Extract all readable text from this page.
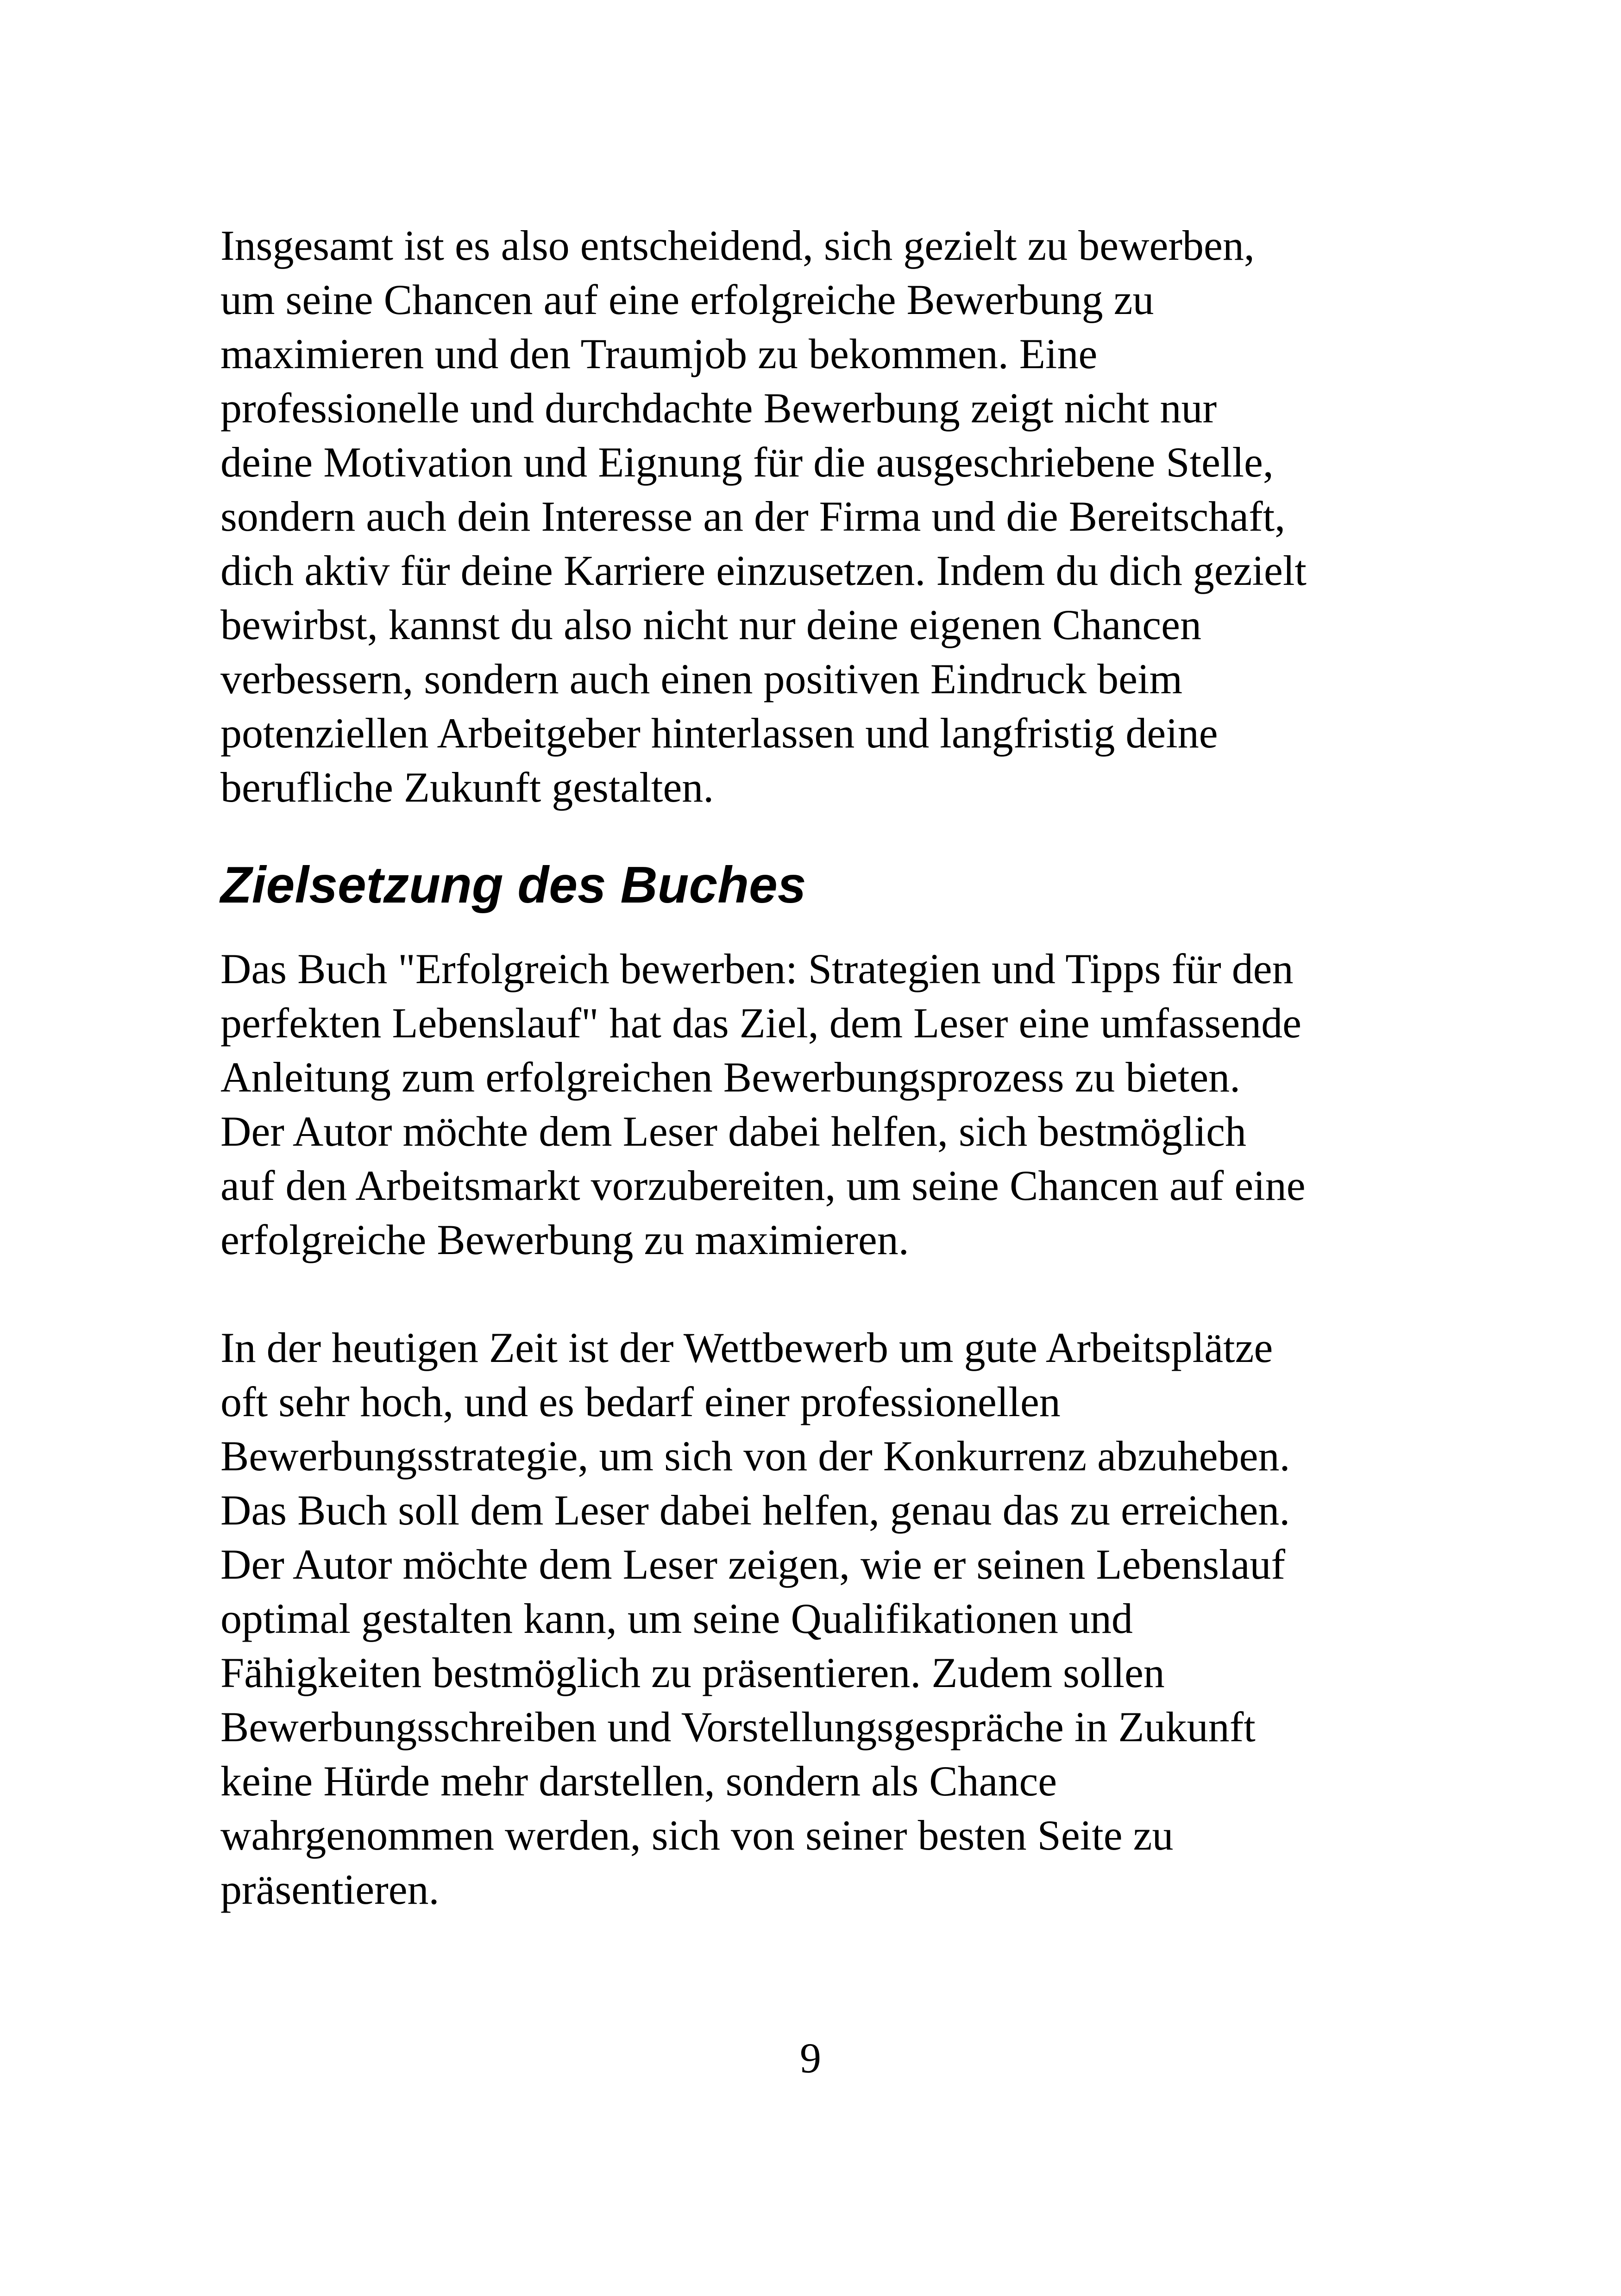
Insgesamt ist es also entscheidend, sich gezielt zu bewerben,
um seine Chancen auf eine erfolgreiche Bewerbung zu
maximieren und den Traumjob zu bekommen. Eine
professionelle und durchdachte Bewerbung zeigt nicht nur
deine Motivation und Eignung für die ausgeschriebene Stelle,
sondern auch dein Interesse an der Firma und die Bereitschaft,
dich aktiv für deine Karriere einzusetzen. Indem du dich gezielt
bewirbst, kannst du also nicht nur deine eigenen Chancen
verbessern, sondern auch einen positiven Eindruck beim
potenziellen Arbeitgeber hinterlassen und langfristig deine
berufliche Zukunft gestalten.

Zielsetzung des Buches

Das Buch "Erfolgreich bewerben: Strategien und Tipps für den
perfekten Lebenslauf" hat das Ziel, dem Leser eine umfassende
Anleitung zum erfolgreichen Bewerbungsprozess zu bieten.
Der Autor möchte dem Leser dabei helfen, sich bestmöglich
auf den Arbeitsmarkt vorzubereiten, um seine Chancen auf eine
erfolgreiche Bewerbung zu maximieren.

In der heutigen Zeit ist der Wettbewerb um gute Arbeitsplätze
oft sehr hoch, und es bedarf einer professionellen
Bewerbungsstrategie, um sich von der Konkurrenz abzuheben.
Das Buch soll dem Leser dabei helfen, genau das zu erreichen.
Der Autor möchte dem Leser zeigen, wie er seinen Lebenslauf
optimal gestalten kann, um seine Qualifikationen und
Fähigkeiten bestmöglich zu präsentieren. Zudem sollen
Bewerbungsschreiben und Vorstellungsgespräche in Zukunft
keine Hürde mehr darstellen, sondern als Chance
wahrgenommen werden, sich von seiner besten Seite zu
präsentieren.

9
